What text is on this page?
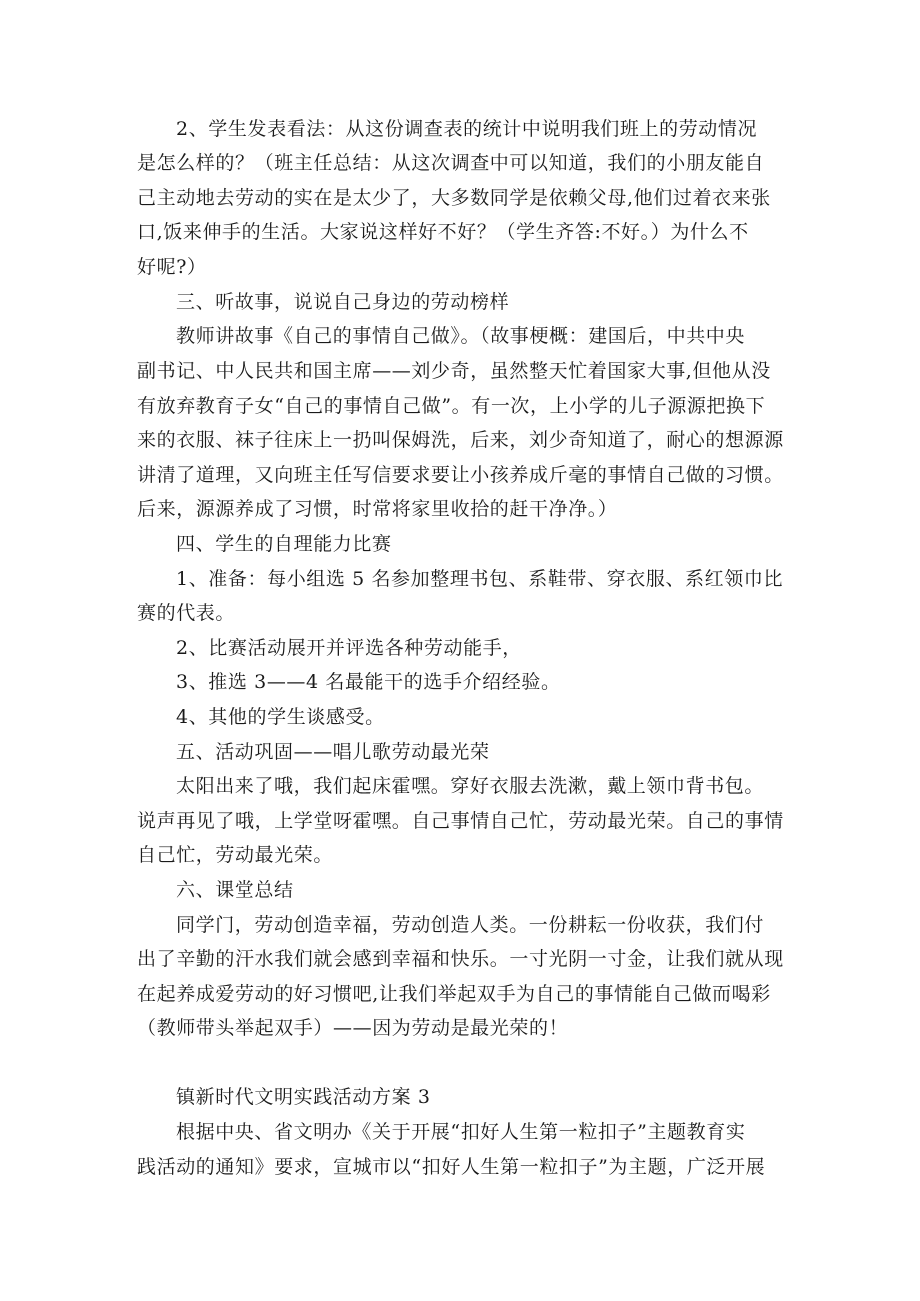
2、学生发表看法：从这份调查表的统计中说明我们班上的劳动情况
是怎么样的？（班主任总结：从这次调查中可以知道，我们的小朋友能自
己主动地去劳动的实在是太少了，大多数同学是依赖父母,他们过着衣来张
口,饭来伸手的生活。大家说这样好不好？（学生齐答:不好。）为什么不
好呢?）
三、听故事，说说自己身边的劳动榜样
教师讲故事《自己的事情自己做》。（故事梗概：建国后，中共中央
副书记、中人民共和国主席——刘少奇，虽然整天忙着国家大事,但他从没
有放弃教育子女“自己的事情自己做”。有一次，上小学的儿子源源把换下
来的衣服、袜子往床上一扔叫保姆洗，后来，刘少奇知道了，耐心的想源源
讲清了道理，又向班主任写信要求要让小孩养成斤毫的事情自己做的习惯。
后来，源源养成了习惯，时常将家里收拾的赶干净净。）
四、学生的自理能力比赛
1、准备：每小组选 5 名参加整理书包、系鞋带、穿衣服、系红领巾比
赛的代表。
2、比赛活动展开并评选各种劳动能手，
3、推选 3——4 名最能干的选手介绍经验。
4、其他的学生谈感受。
五、活动巩固——唱儿歌劳动最光荣
太阳出来了哦，我们起床霍嘿。穿好衣服去洗漱，戴上领巾背书包。
说声再见了哦，上学堂呀霍嘿。自己事情自己忙，劳动最光荣。自己的事情
自己忙，劳动最光荣。
六、课堂总结
同学门，劳动创造幸福，劳动创造人类。一份耕耘一份收获，我们付
出了辛勤的汗水我们就会感到幸福和快乐。一寸光阴一寸金，让我们就从现
在起养成爱劳动的好习惯吧,让我们举起双手为自己的事情能自己做而喝彩
（教师带头举起双手）——因为劳动是最光荣的！
镇新时代文明实践活动方案 3
根据中央、省文明办《关于开展“扣好人生第一粒扣子”主题教育实
践活动的通知》要求，宣城市以“扣好人生第一粒扣子”为主题，广泛开展
